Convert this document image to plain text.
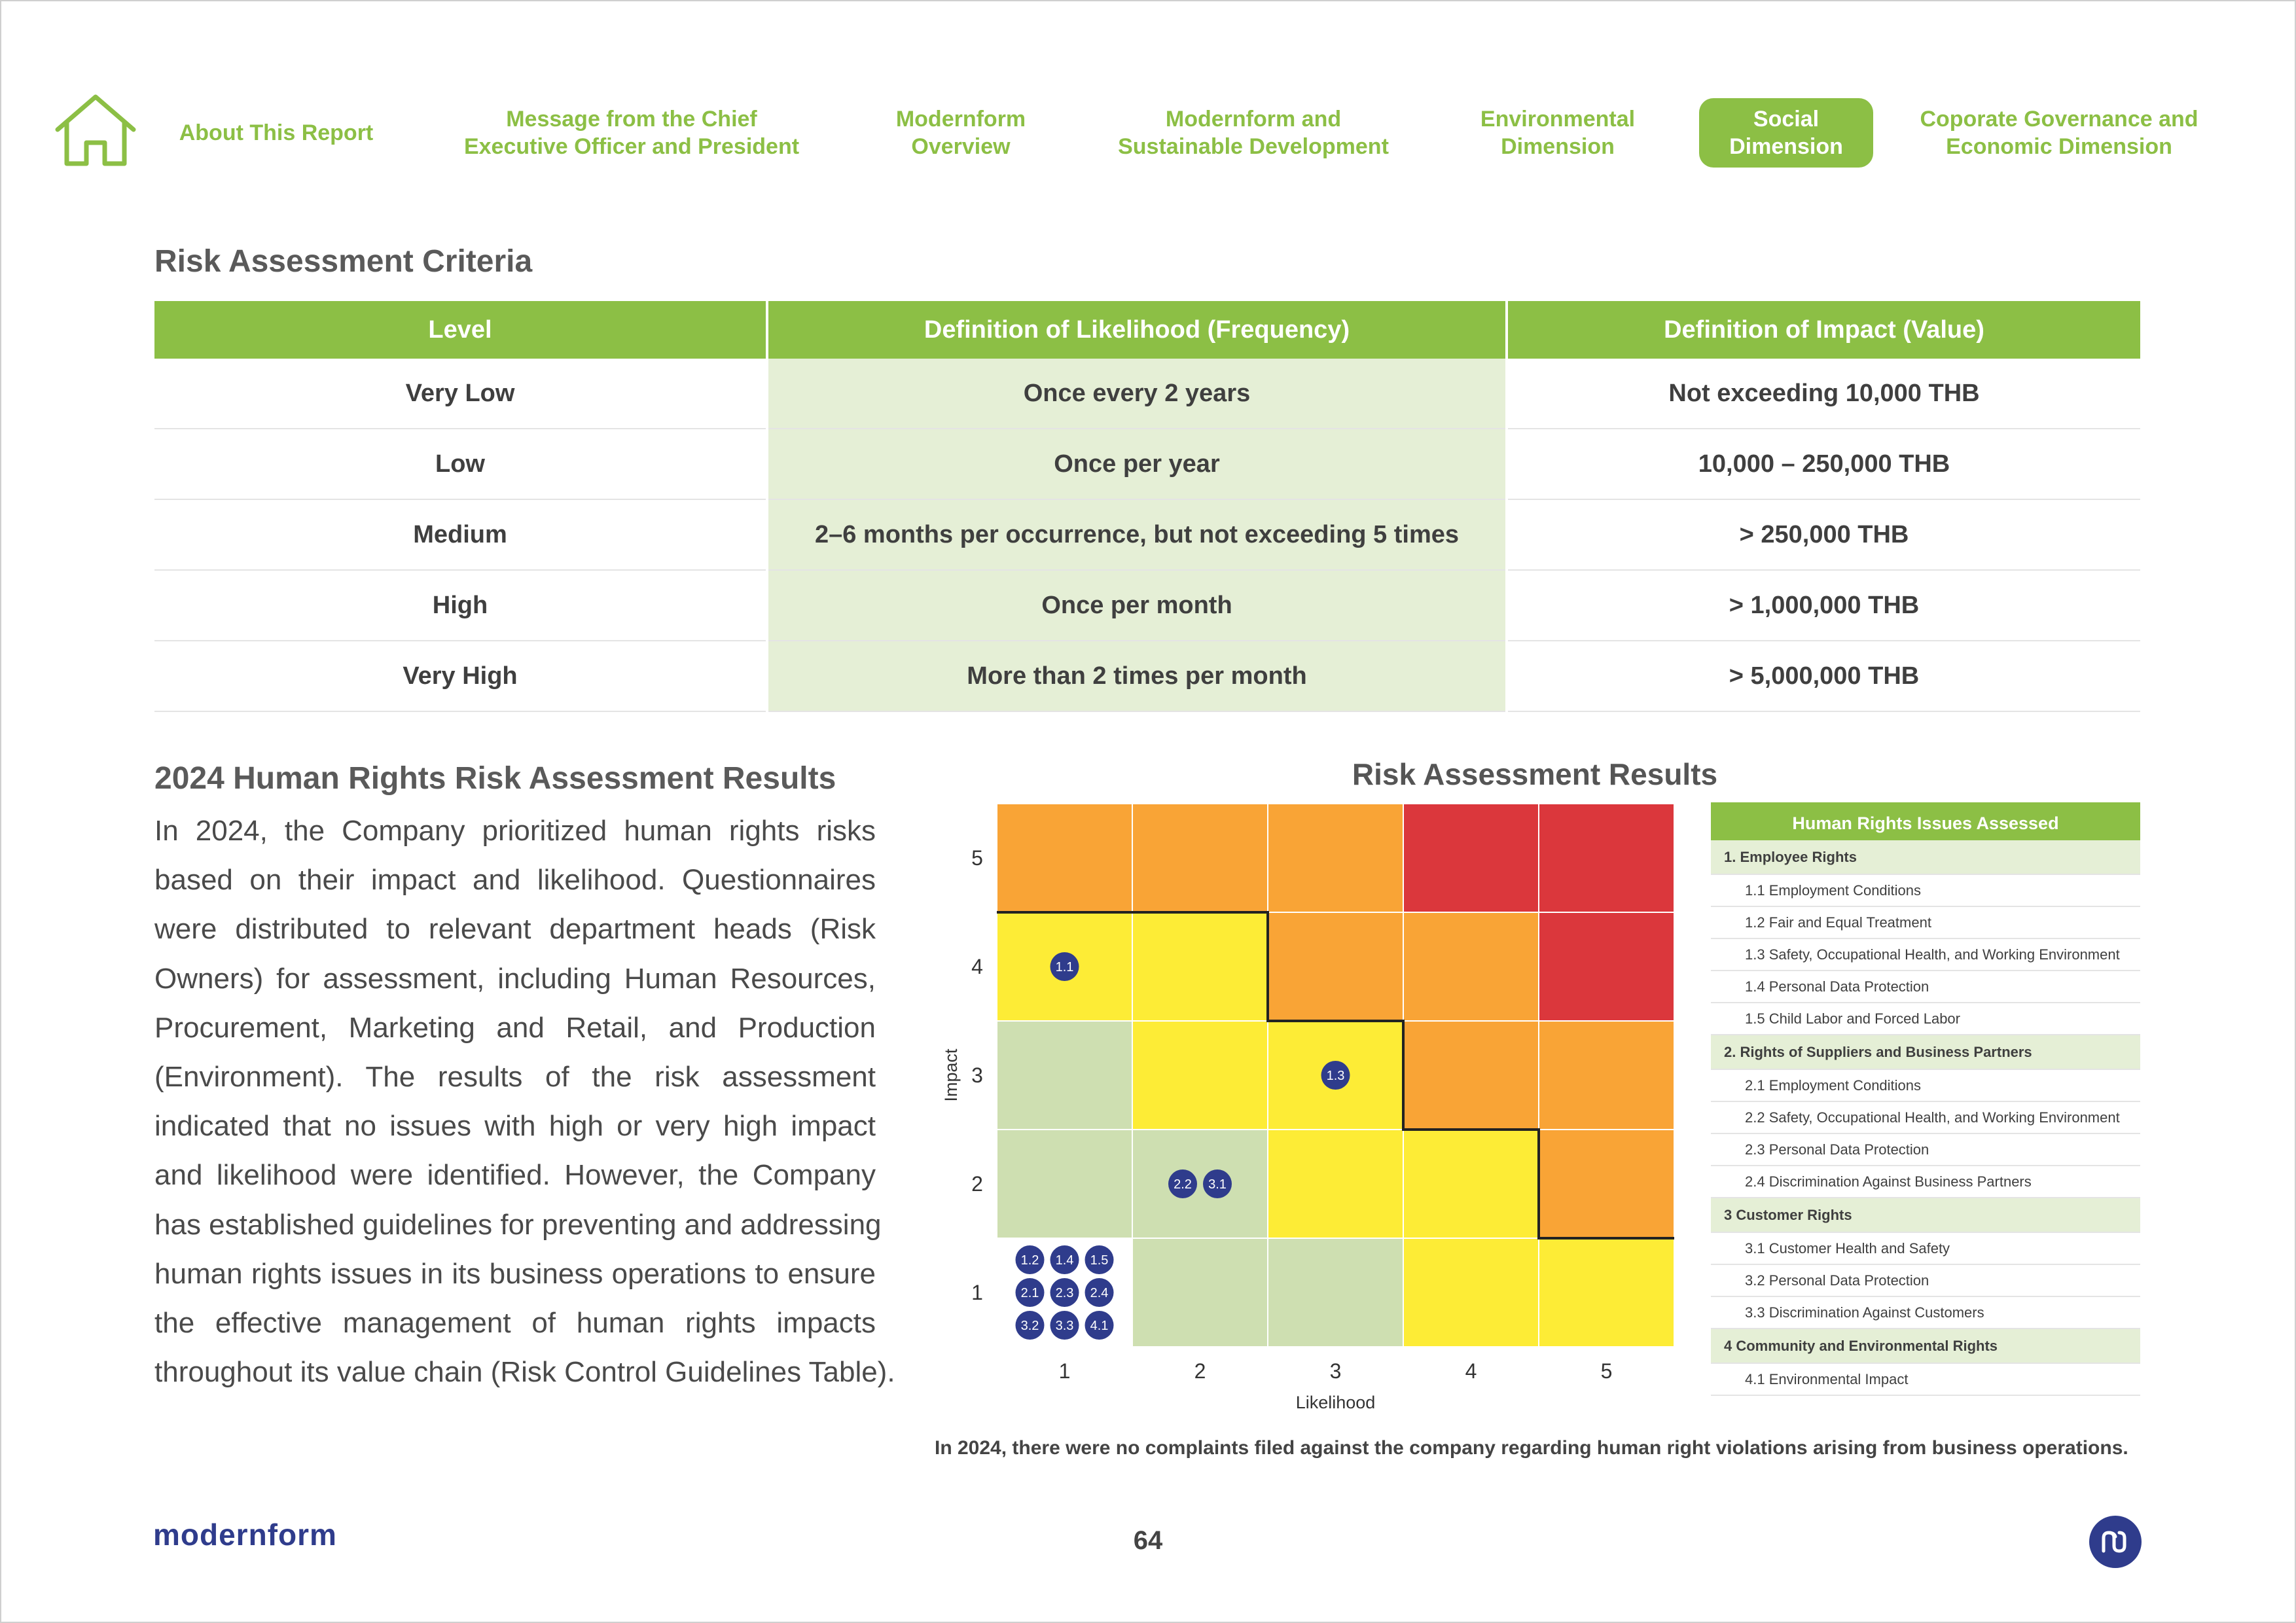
About This Report
Message from the Chief
Executive Officer and President
Modernform
Overview
Modernform and
Sustainable Development
Environmental
Dimension
Social
Dimension
Coporate Governance and
Economic Dimension
Risk Assessment Criteria
Level	Definition of Likelihood (Frequency)	Definition of Impact (Value)
Very Low	Once every 2 years	Not exceeding 10,000 THB
Low	Once per year	10,000 – 250,000 THB
Medium	2–6 months per occurrence, but not exceeding 5 times	> 250,000 THB
High	Once per month	> 1,000,000 THB
Very High	More than 2 times per month	> 5,000,000 THB
2024 Human Rights Risk Assessment Results
In 2024, the Company prioritized human rights risks
based on their impact and likelihood. Questionnaires
were distributed to relevant department heads (Risk
Owners) for assessment, including Human Resources,
Procurement, Marketing and Retail, and Production
(Environment). The results of the risk assessment
indicated that no issues with high or very high impact
and likelihood were identified. However, the Company
has established guidelines for preventing and addressing
human rights issues in its business operations to ensure
the effective management of human rights impacts
throughout its value chain (Risk Control Guidelines Table).
Risk Assessment Results
1	2	3	4	5
5
4
3
2
1
Likelihood
Impact
1.1
1.3
2.2 3.1
1.2 1.4 1.5
2.1 2.3 2.4
3.2 3.3 4.1
Human Rights Issues Assessed
1. Employee Rights
1.1 Employment Conditions
1.2 Fair and Equal Treatment
1.3 Safety, Occupational Health, and Working Environment
1.4 Personal Data Protection
1.5 Child Labor and Forced Labor
2. Rights of Suppliers and Business Partners
2.1 Employment Conditions
2.2 Safety, Occupational Health, and Working Environment
2.3 Personal Data Protection
2.4 Discrimination Against Business Partners
3 Customer Rights
3.1 Customer Health and Safety
3.2 Personal Data Protection
3.3 Discrimination Against Customers
4 Community and Environmental Rights
4.1 Environmental Impact
In 2024, there were no complaints filed against the company regarding human right violations arising from business operations.
modernform	64
